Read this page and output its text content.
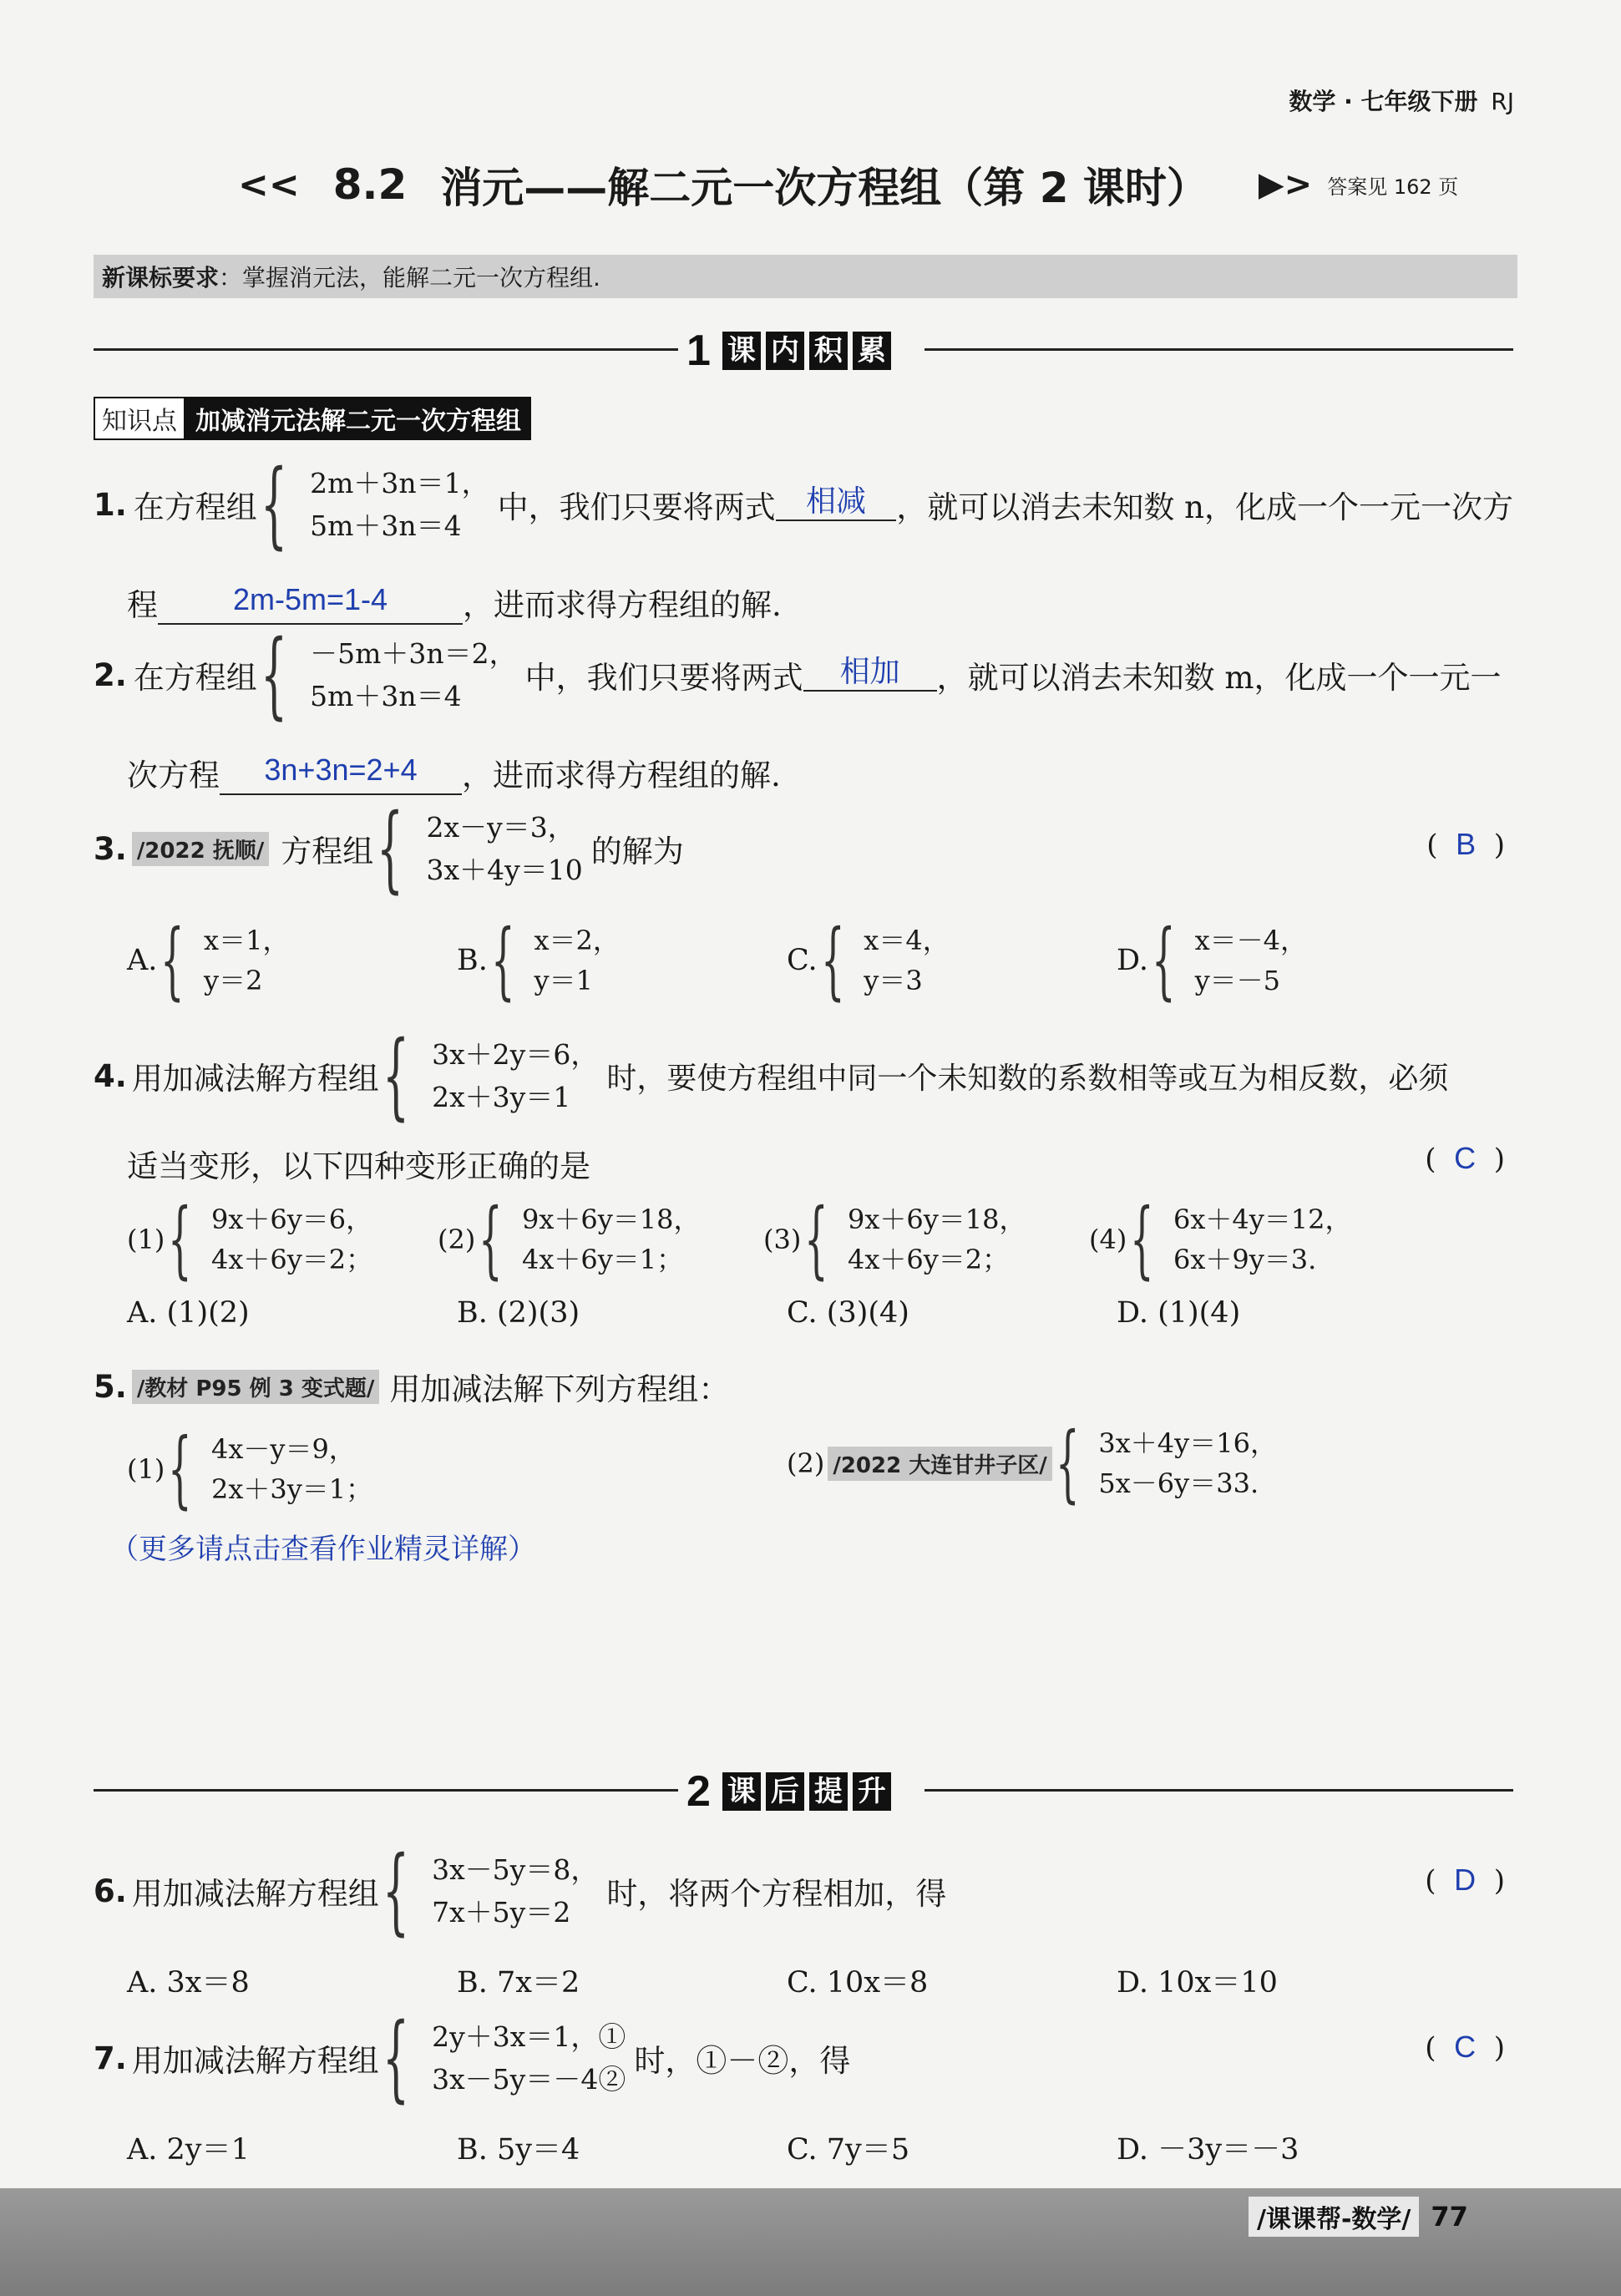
数学 · 七年级下册 RJ
<< 8.2 消元——解二元一次方程组（第 2 课时） ▶> 答案见 162 页
新课标要求 ：掌握消元法，能解二元一次方程组.
1 课 内 积 累
知识点 加减消元法解二元一次方程组
1. 在方程组 { 2m＋3n＝1，
5m＋3n＝4
中，我们只要将两式	相减 ，就可以消去未知数 n，化成一个一元一次方
程	2m-5m=1-4	，进而求得方程组的解.
2. 在方程组 { －5m＋3n＝2，
5m＋3n＝4
中，我们只要将两式	相加	，就可以消去未知数 m，化成一个一元一
次方程	3n+3n=2+4	，进而求得方程组的解.
3. /2022 抚顺/ 方程组 { 2x－y＝3，
3x＋4y＝10
的解为	(  B  )
A. { x＝1，
y＝2
B. { x＝2，
y＝1
C. { x＝4，
y＝3
D. { x＝－4，
y＝－5
4. 用加减法解方程组 { 3x＋2y＝6，
2x＋3y＝1
时，要使方程组中同一个未知数的系数相等或互为相反数，必须
适当变形，以下四种变形正确的是	(  C  )
(1) { 9x＋6y＝6，
4x＋6y＝2；
(2) { 9x＋6y＝18，
4x＋6y＝1；
(3) { 9x＋6y＝18，
4x＋6y＝2；
(4) { 6x＋4y＝12，
6x＋9y＝3.
A. (1)(2)	B. (2)(3)	C. (3)(4)	D. (1)(4)
5. /教材 P95 例 3 变式题/ 用加减法解下列方程组：
(1) { 4x－y＝9，
2x＋3y＝1；
(2) /2022 大连甘井子区/ { 3x＋4y＝16，
5x－6y＝33.
（更多请点击查看作业精灵详解）
2 课 后 提 升
6. 用加减法解方程组 { 3x－5y＝8，
7x＋5y＝2
时，将两个方程相加，得	(  D  )
A. 3x＝8	B. 7x＝2	C. 10x＝8	D. 10x＝10
7. 用加减法解方程组 { 2y＋3x＝1，①
3x－5y＝－4②
时，①－②，得	(  C  )
A. 2y＝1	B. 5y＝4	C. 7y＝5	D. －3y＝－3
/课课帮-数学/ 77
